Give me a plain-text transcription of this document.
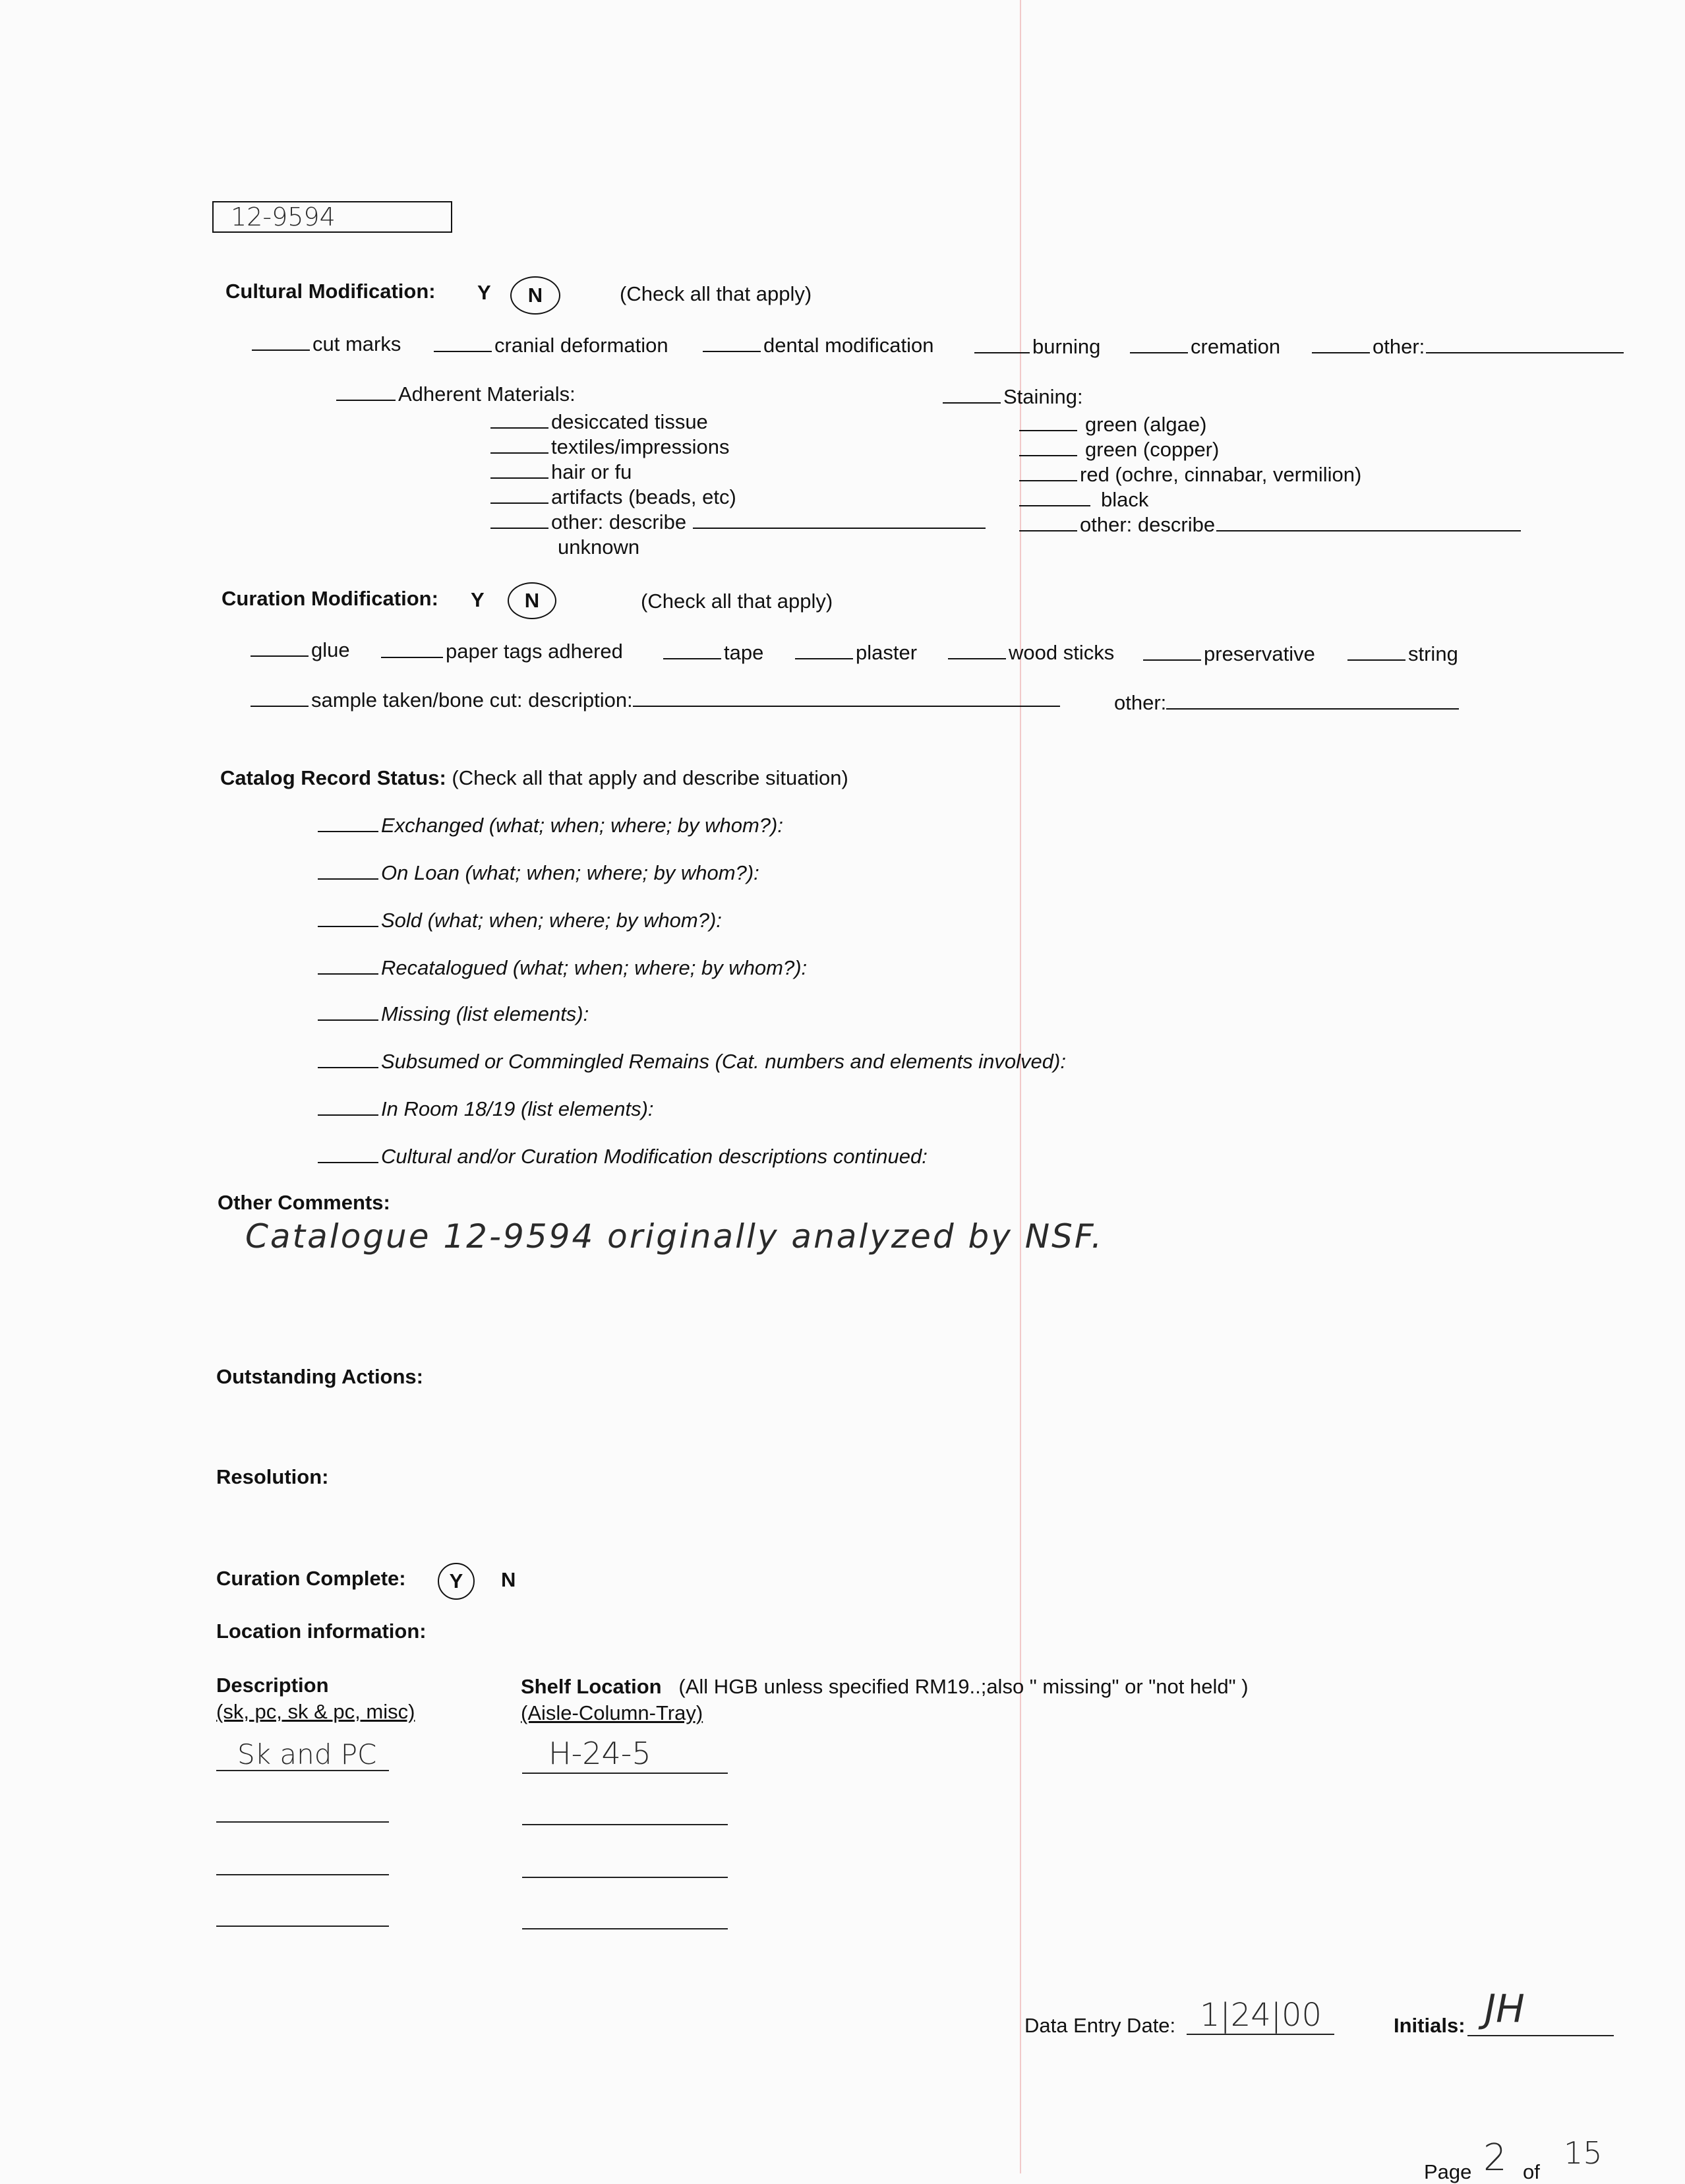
12-9594
Cultural Modification: Y	N	(Check all that apply)
cut marks	cranial deformation	dental modification	burning	cremation	other:
Adherent Materials:
desiccated tissue
textiles/impressions
hair or fu
artifacts (beads, etc)
other: describe
unknown
Staining:
green (algae)
green (copper)
red (ochre, cinnabar, vermilion)
black
other: describe
Curation Modification: Y	N	(Check all that apply)
glue	paper tags adhered	tape	plaster	wood sticks	preservative	string
sample taken/bone cut: description:	other:
Catalog Record Status: (Check all that apply and describe situation)
Exchanged (what; when; where; by whom?):
On Loan (what; when; where; by whom?):
Sold (what; when; where; by whom?):
Recatalogued (what; when; where; by whom?):
Missing (list elements):
Subsumed or Commingled Remains (Cat. numbers and elements involved):
In Room 18/19 (list elements):
Cultural and/or Curation Modification descriptions continued:
Other Comments:
Catalogue 12-9594 originally analyzed by NSF.
Outstanding Actions:
Resolution:
Curation Complete:	Y	N
Location information:
Description
(sk, pc, sk & pc, misc)
Shelf Location (All HGB unless specified RM19..;also " missing" or "not held" )
(Aisle-Column-Tray)
Sk and PC	H-24-5
Data Entry Date: 1|24|00	Initials: JH
Page 2 of
15
